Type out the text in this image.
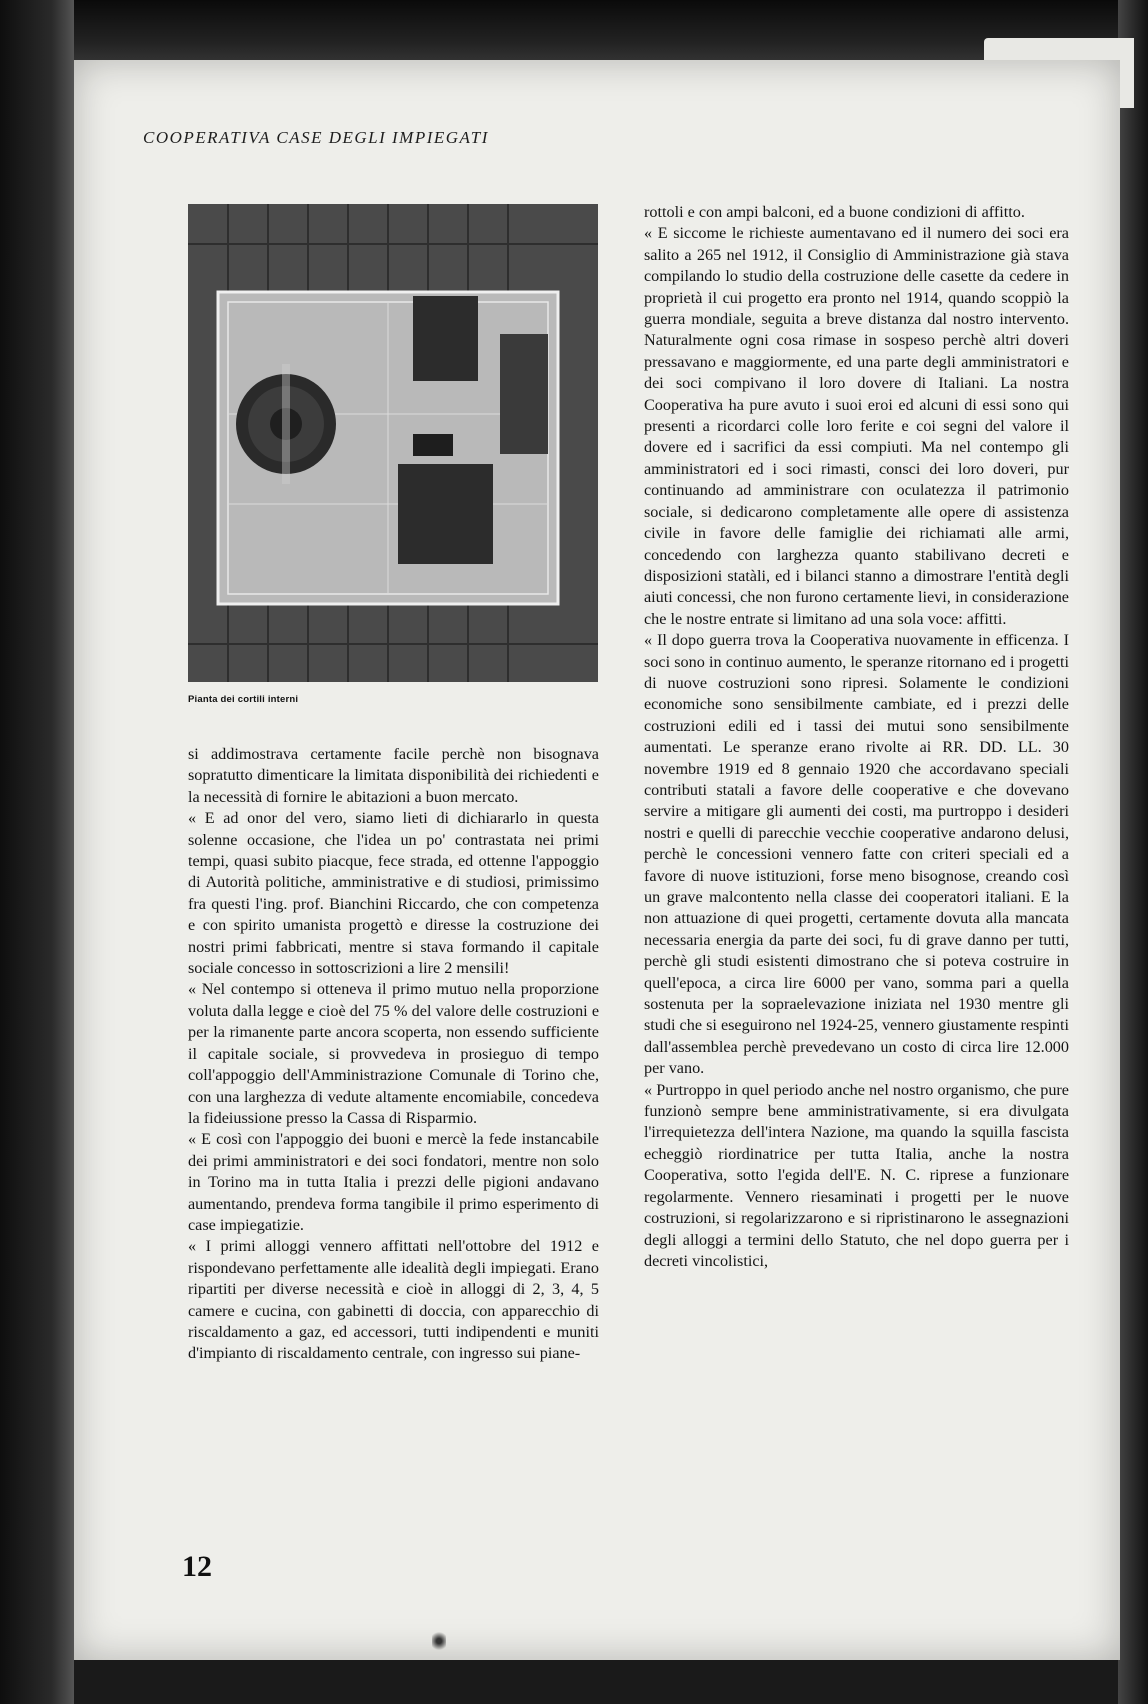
COOPERATIVA CASE DEGLI IMPIEGATI
Pianta dei cortili interni

si addimostrava certamente facile perchè non bisognava sopratutto dimenticare la limitata disponibilità dei richiedenti e la necessità di fornire le abitazioni a buon mercato.

« E ad onor del vero, siamo lieti di dichiararlo in questa solenne occasione, che l'idea un po' contrastata nei primi tempi, quasi subito piacque, fece strada, ed ottenne l'appoggio di Autorità politiche, amministrative e di studiosi, primissimo fra questi l'ing. prof. Bianchini Riccardo, che con competenza e con spirito umanista progettò e diresse la costruzione dei nostri primi fabbricati, mentre si stava formando il capitale sociale concesso in sottoscrizioni a lire 2 mensili!

« Nel contempo si otteneva il primo mutuo nella proporzione voluta dalla legge e cioè del 75 % del valore delle costruzioni e per la rimanente parte ancora scoperta, non essendo sufficiente il capitale sociale, si provvedeva in prosieguo di tempo coll'appoggio dell'Amministrazione Comunale di Torino che, con una larghezza di vedute altamente encomiabile, concedeva la fideiussione presso la Cassa di Risparmio.

« E così con l'appoggio dei buoni e mercè la fede instancabile dei primi amministratori e dei soci fondatori, mentre non solo in Torino ma in tutta Italia i prezzi delle pigioni andavano aumentando, prendeva forma tangibile il primo esperimento di case impiegatizie.

« I primi alloggi vennero affittati nell'ottobre del 1912 e rispondevano perfettamente alle idealità degli impiegati. Erano ripartiti per diverse necessità e cioè in alloggi di 2, 3, 4, 5 camere e cucina, con gabinetti di doccia, con apparecchio di riscaldamento a gaz, ed accessori, tutti indipendenti e muniti d'impianto di riscaldamento centrale, con ingresso sui piane-

rottoli e con ampi balconi, ed a buone condizioni di affitto.

« E siccome le richieste aumentavano ed il numero dei soci era salito a 265 nel 1912, il Consiglio di Amministrazione già stava compilando lo studio della costruzione delle casette da cedere in proprietà il cui progetto era pronto nel 1914, quando scoppiò la guerra mondiale, seguita a breve distanza dal nostro intervento. Naturalmente ogni cosa rimase in sospeso perchè altri doveri pressavano e maggiormente, ed una parte degli amministratori e dei soci compivano il loro dovere di Italiani. La nostra Cooperativa ha pure avuto i suoi eroi ed alcuni di essi sono qui presenti a ricordarci colle loro ferite e coi segni del valore il dovere ed i sacrifici da essi compiuti. Ma nel contempo gli amministratori ed i soci rimasti, consci dei loro doveri, pur continuando ad amministrare con oculatezza il patrimonio sociale, si dedicarono completamente alle opere di assistenza civile in favore delle famiglie dei richiamati alle armi, concedendo con larghezza quanto stabilivano decreti e disposizioni statàli, ed i bilanci stanno a dimostrare l'entità degli aiuti concessi, che non furono certamente lievi, in considerazione che le nostre entrate si limitano ad una sola voce: affitti.

« Il dopo guerra trova la Cooperativa nuovamente in efficenza. I soci sono in continuo aumento, le speranze ritornano ed i progetti di nuove costruzioni sono ripresi. Solamente le condizioni economiche sono sensibilmente cambiate, ed i prezzi delle costruzioni edili ed i tassi dei mutui sono sensibilmente aumentati. Le speranze erano rivolte ai RR. DD. LL. 30 novembre 1919 ed 8 gennaio 1920 che accordavano speciali contributi statali a favore delle cooperative e che dovevano servire a mitigare gli aumenti dei costi, ma purtroppo i desideri nostri e quelli di parecchie vecchie cooperative andarono delusi, perchè le concessioni vennero fatte con criteri speciali ed a favore di nuove istituzioni, forse meno bisognose, creando così un grave malcontento nella classe dei cooperatori italiani. E la non attuazione di quei progetti, certamente dovuta alla mancata necessaria energia da parte dei soci, fu di grave danno per tutti, perchè gli studi esistenti dimostrano che si poteva costruire in quell'epoca, a circa lire 6000 per vano, somma pari a quella sostenuta per la sopraelevazione iniziata nel 1930 mentre gli studi che si eseguirono nel 1924-25, vennero giustamente respinti dall'assemblea perchè prevedevano un costo di circa lire 12.000 per vano.

« Purtroppo in quel periodo anche nel nostro organismo, che pure funzionò sempre bene amministrativamente, si era divulgata l'irrequietezza dell'intera Nazione, ma quando la squilla fascista echeggiò riordinatrice per tutta Italia, anche la nostra Cooperativa, sotto l'egida dell'E. N. C. riprese a funzionare regolarmente. Vennero riesaminati i progetti per le nuove costruzioni, si regolarizzarono e si ripristinarono le assegnazioni degli alloggi a termini dello Statuto, che nel dopo guerra per i decreti vincolistici,

12
